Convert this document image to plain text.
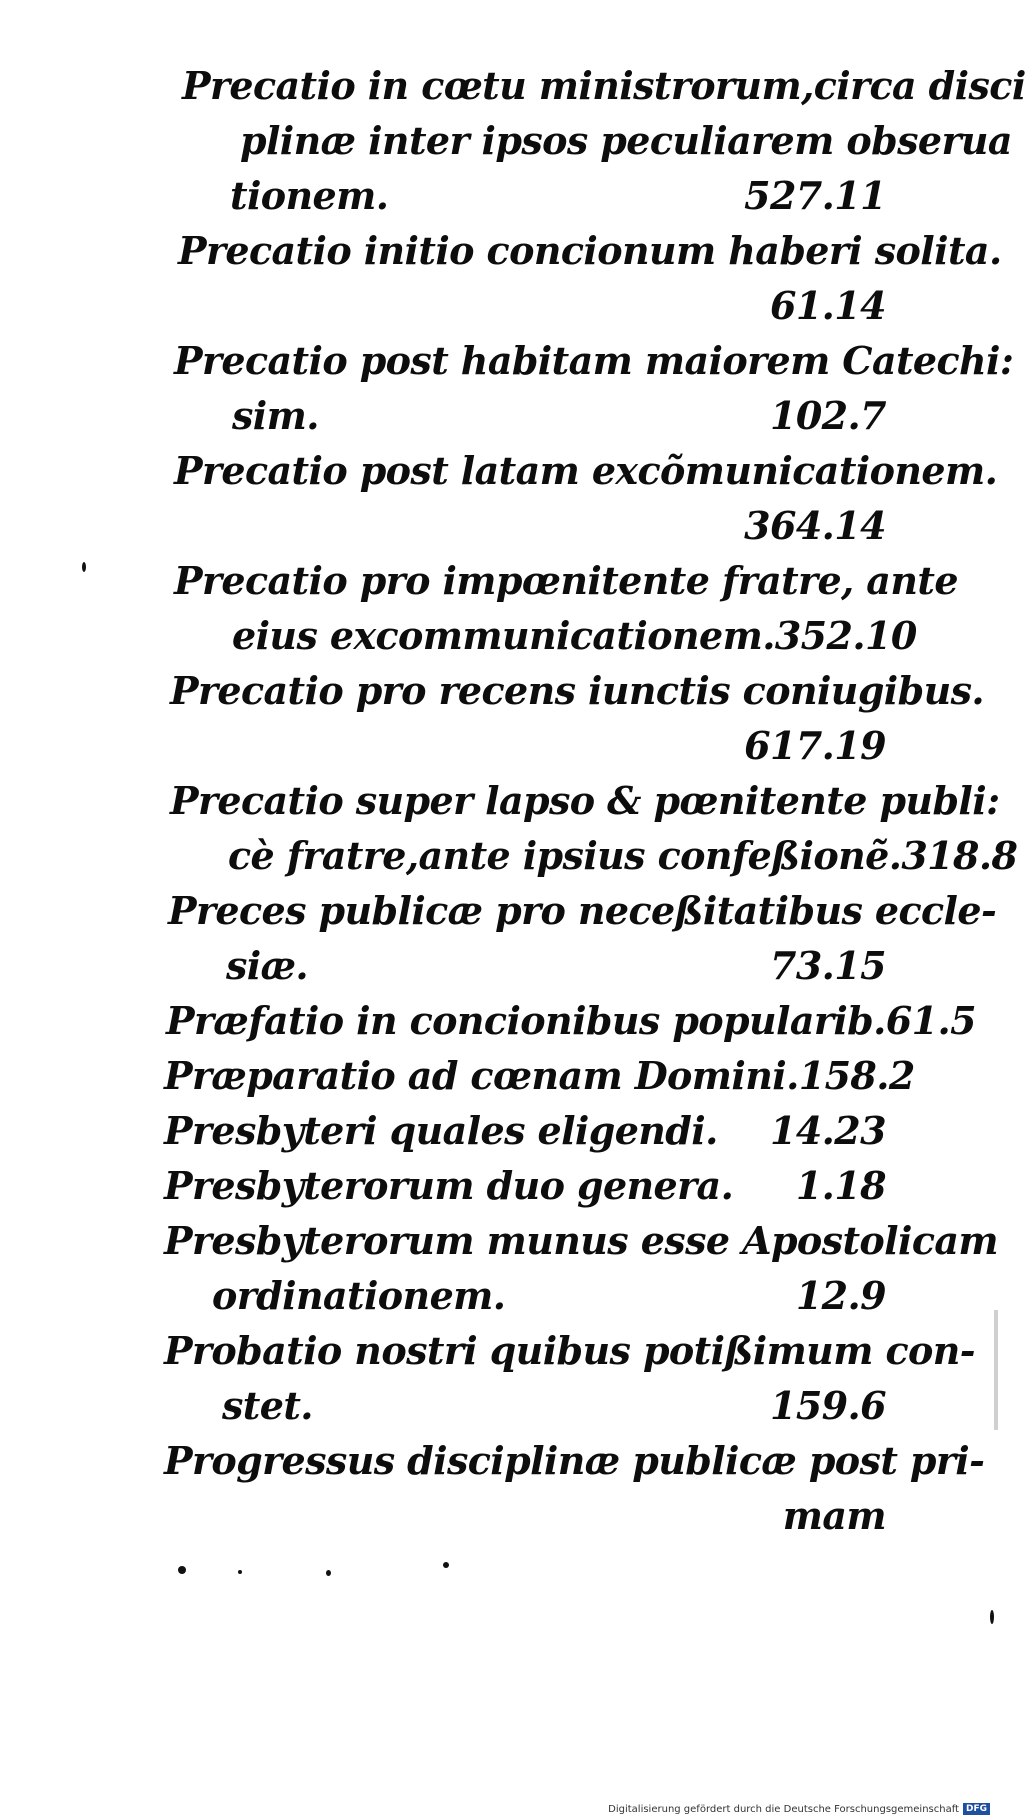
Precatio in cœtu ministrorum,circa disci
plinæ inter ipsos peculiarem obserua
tionem.	527.11
Precatio initio concionum haberi solita.
61.14
Precatio post habitam maiorem Catechi:
sim.	102.7
Precatio post latam excõmunicationem.
364.14
Precatio pro impœnitente fratre, ante
eius excommunicationem. 352.10
Precatio pro recens iunctis coniugibus.
617.19
Precatio super lapso & pœnitente publi:
cè fratre,ante ipsius confeßionẽ. 318.8
Preces publicæ pro neceßitatibus eccle-
siæ.	73.15
Præfatio in concionibus popularib. 61.5
Præparatio ad cœnam Domini. 158.2
Presbyteri quales eligendi. 14.23
Presbyterorum duo genera. 1.18
Presbyterorum munus esse Apostolicam
ordinationem.	12.9
Probatio nostri quibus potißimum con-
stet.	159.6
Progressus disciplinæ publicæ post pri-
mam
Digitalisierung gefördert durch die Deutsche Forschungsgemeinschaft DFG
